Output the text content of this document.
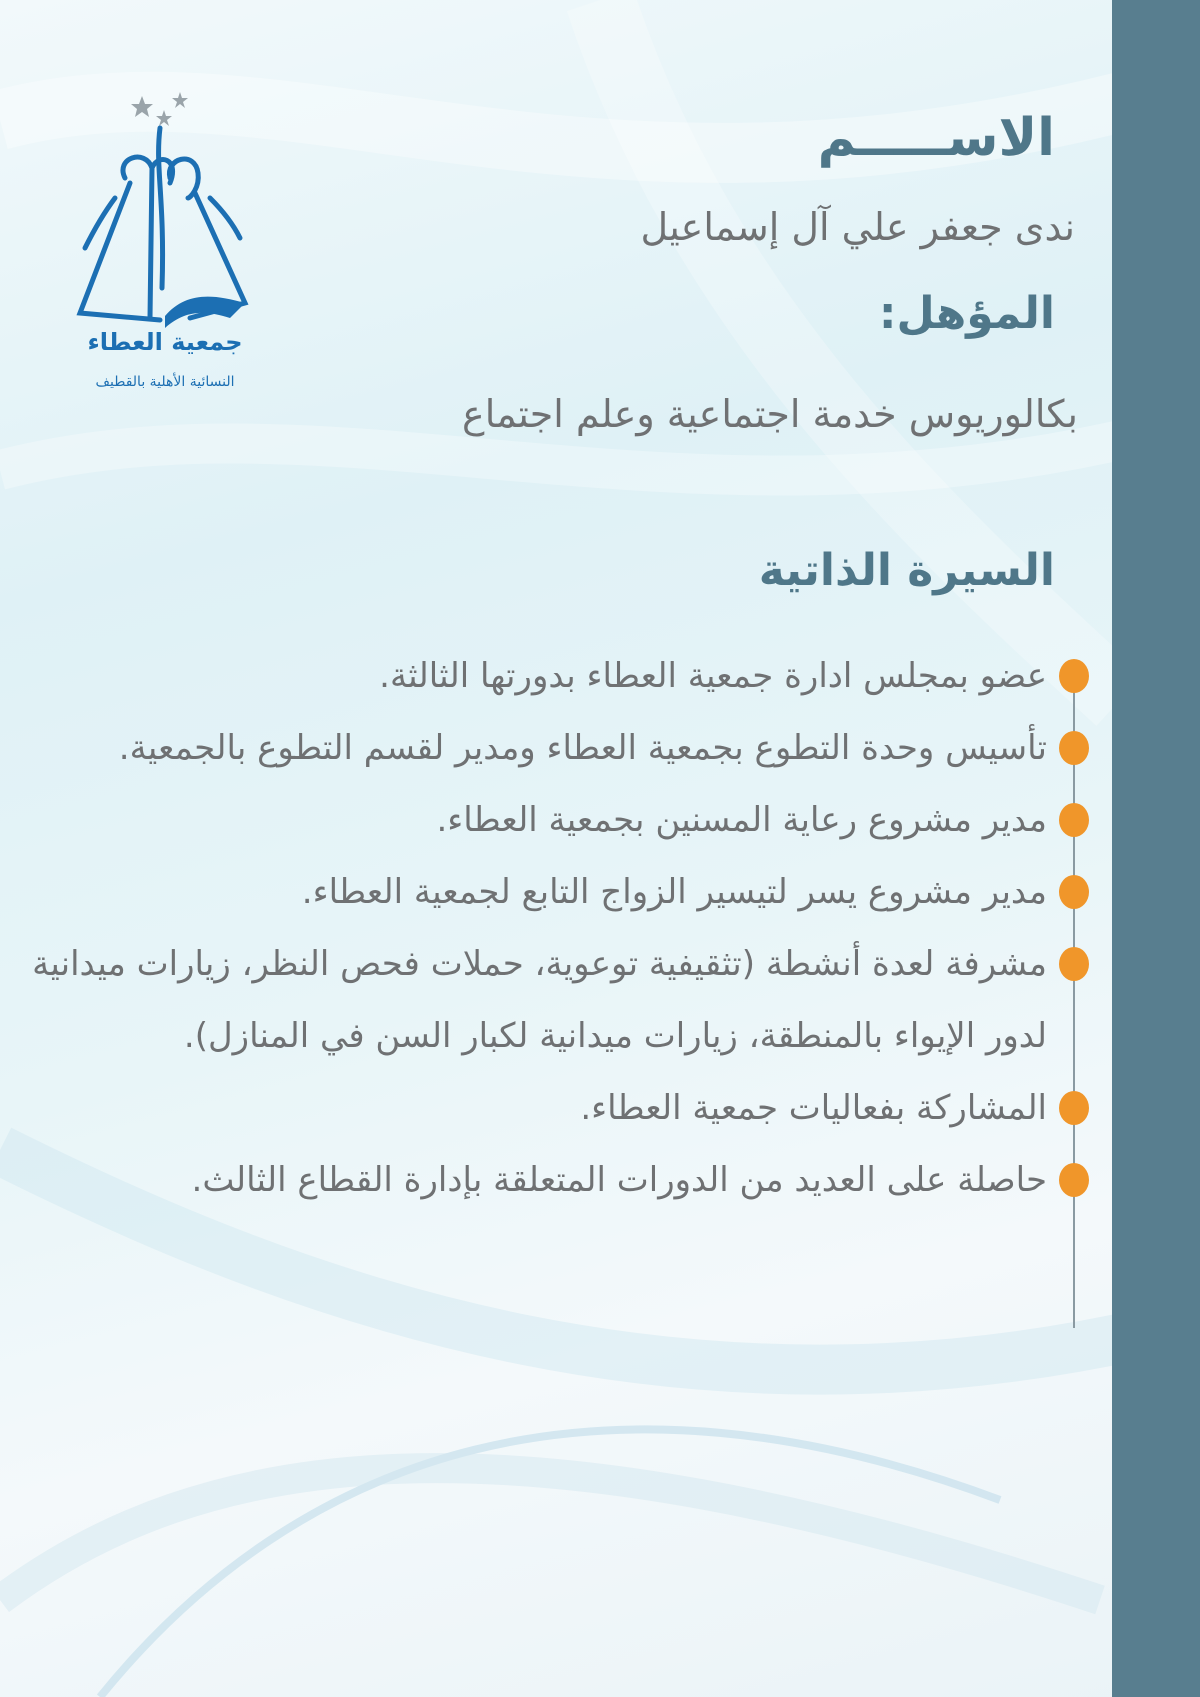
جمعية العطاء
النسائية الأهلية بالقطيف
الاســـــم
ندى جعفر علي آل إسماعيل
المؤهل:
بكالوريوس خدمة اجتماعية وعلم اجتماع
السيرة الذاتية
عضو بمجلس ادارة جمعية العطاء بدورتها الثالثة.
تأسيس وحدة التطوع بجمعية العطاء ومدير لقسم التطوع بالجمعية.
مدير مشروع رعاية المسنين بجمعية العطاء.
مدير مشروع يسر لتيسير الزواج التابع لجمعية العطاء.
مشرفة لعدة أنشطة (تثقيفية توعوية، حملات فحص النظر، زيارات ميدانية لدور الإيواء بالمنطقة، زيارات ميدانية لكبار السن في المنازل).
المشاركة بفعاليات جمعية العطاء.
حاصلة على العديد من الدورات المتعلقة بإدارة القطاع الثالث.
